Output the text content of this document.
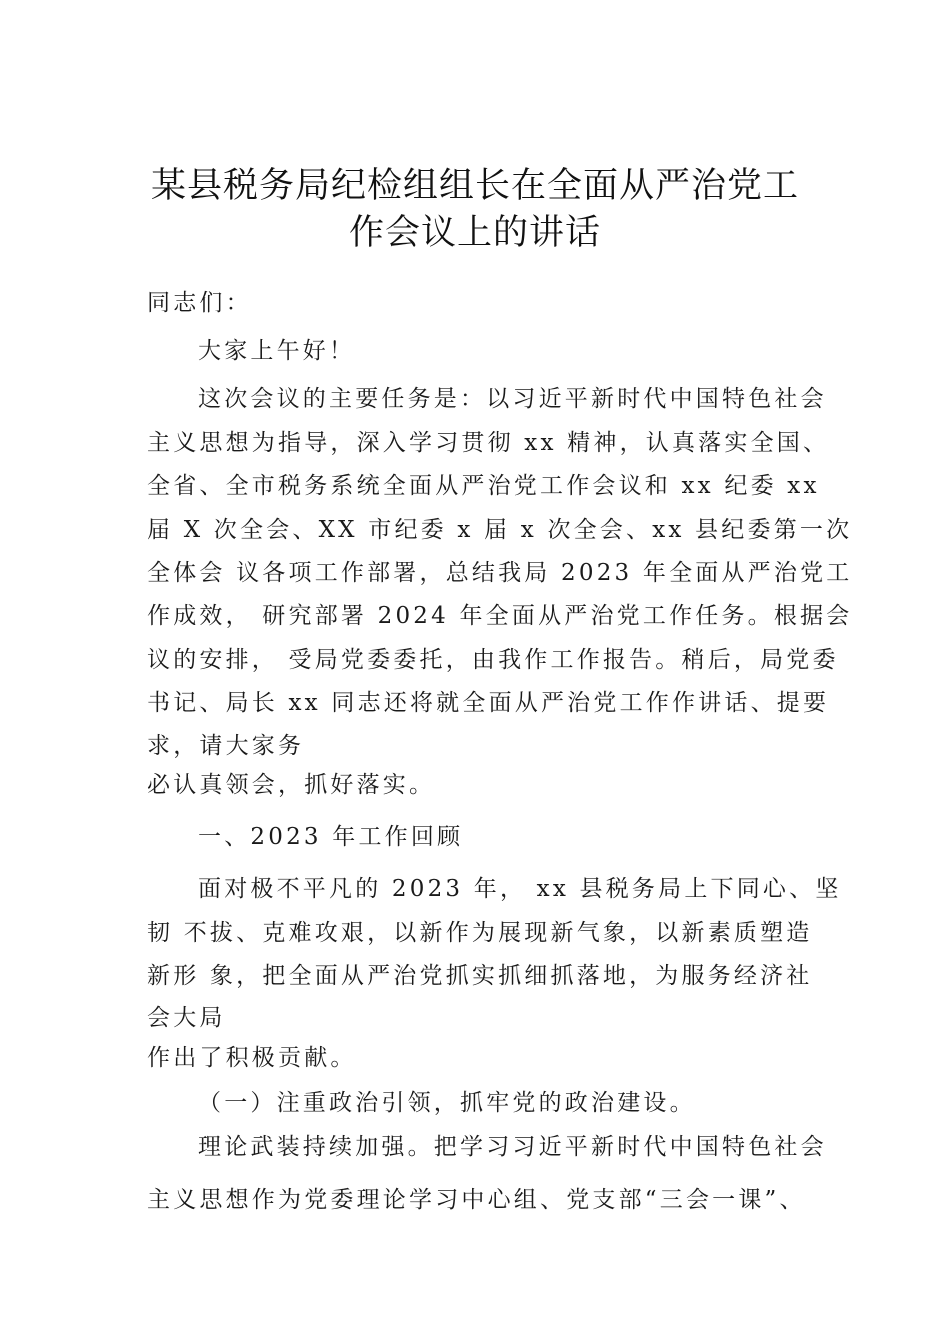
某县税务局纪检组组长在全面从严治党工
作会议上的讲话
同志们：
大家上午好！
这次会议的主要任务是：以习近平新时代中国特色社会
主义思想为指导，深入学习贯彻 xx 精神，认真落实全国、
全省、全市税务系统全面从严治党工作会议和 xx 纪委 xx
届 X 次全会、XX 市纪委 x 届 x 次全会、xx 县纪委第一次
全体会 议各项工作部署，总结我局 2023 年全面从严治党工
作成效， 研究部署 2024 年全面从严治党工作任务。根据会
议的安排， 受局党委委托，由我作工作报告。稍后，局党委
书记、局长 xx 同志还将就全面从严治党工作作讲话、提要
求，请大家务
必认真领会，抓好落实。
一、2023 年工作回顾
面对极不平凡的 2023 年， xx 县税务局上下同心、坚
韧 不拔、克难攻艰，以新作为展现新气象，以新素质塑造
新形 象，把全面从严治党抓实抓细抓落地，为服务经济社
会大局
作出了积极贡献。
（一）注重政治引领，抓牢党的政治建设。
理论武装持续加强。把学习习近平新时代中国特色社会
主义思想作为党委理论学习中心组、党支部“三会一课”、
